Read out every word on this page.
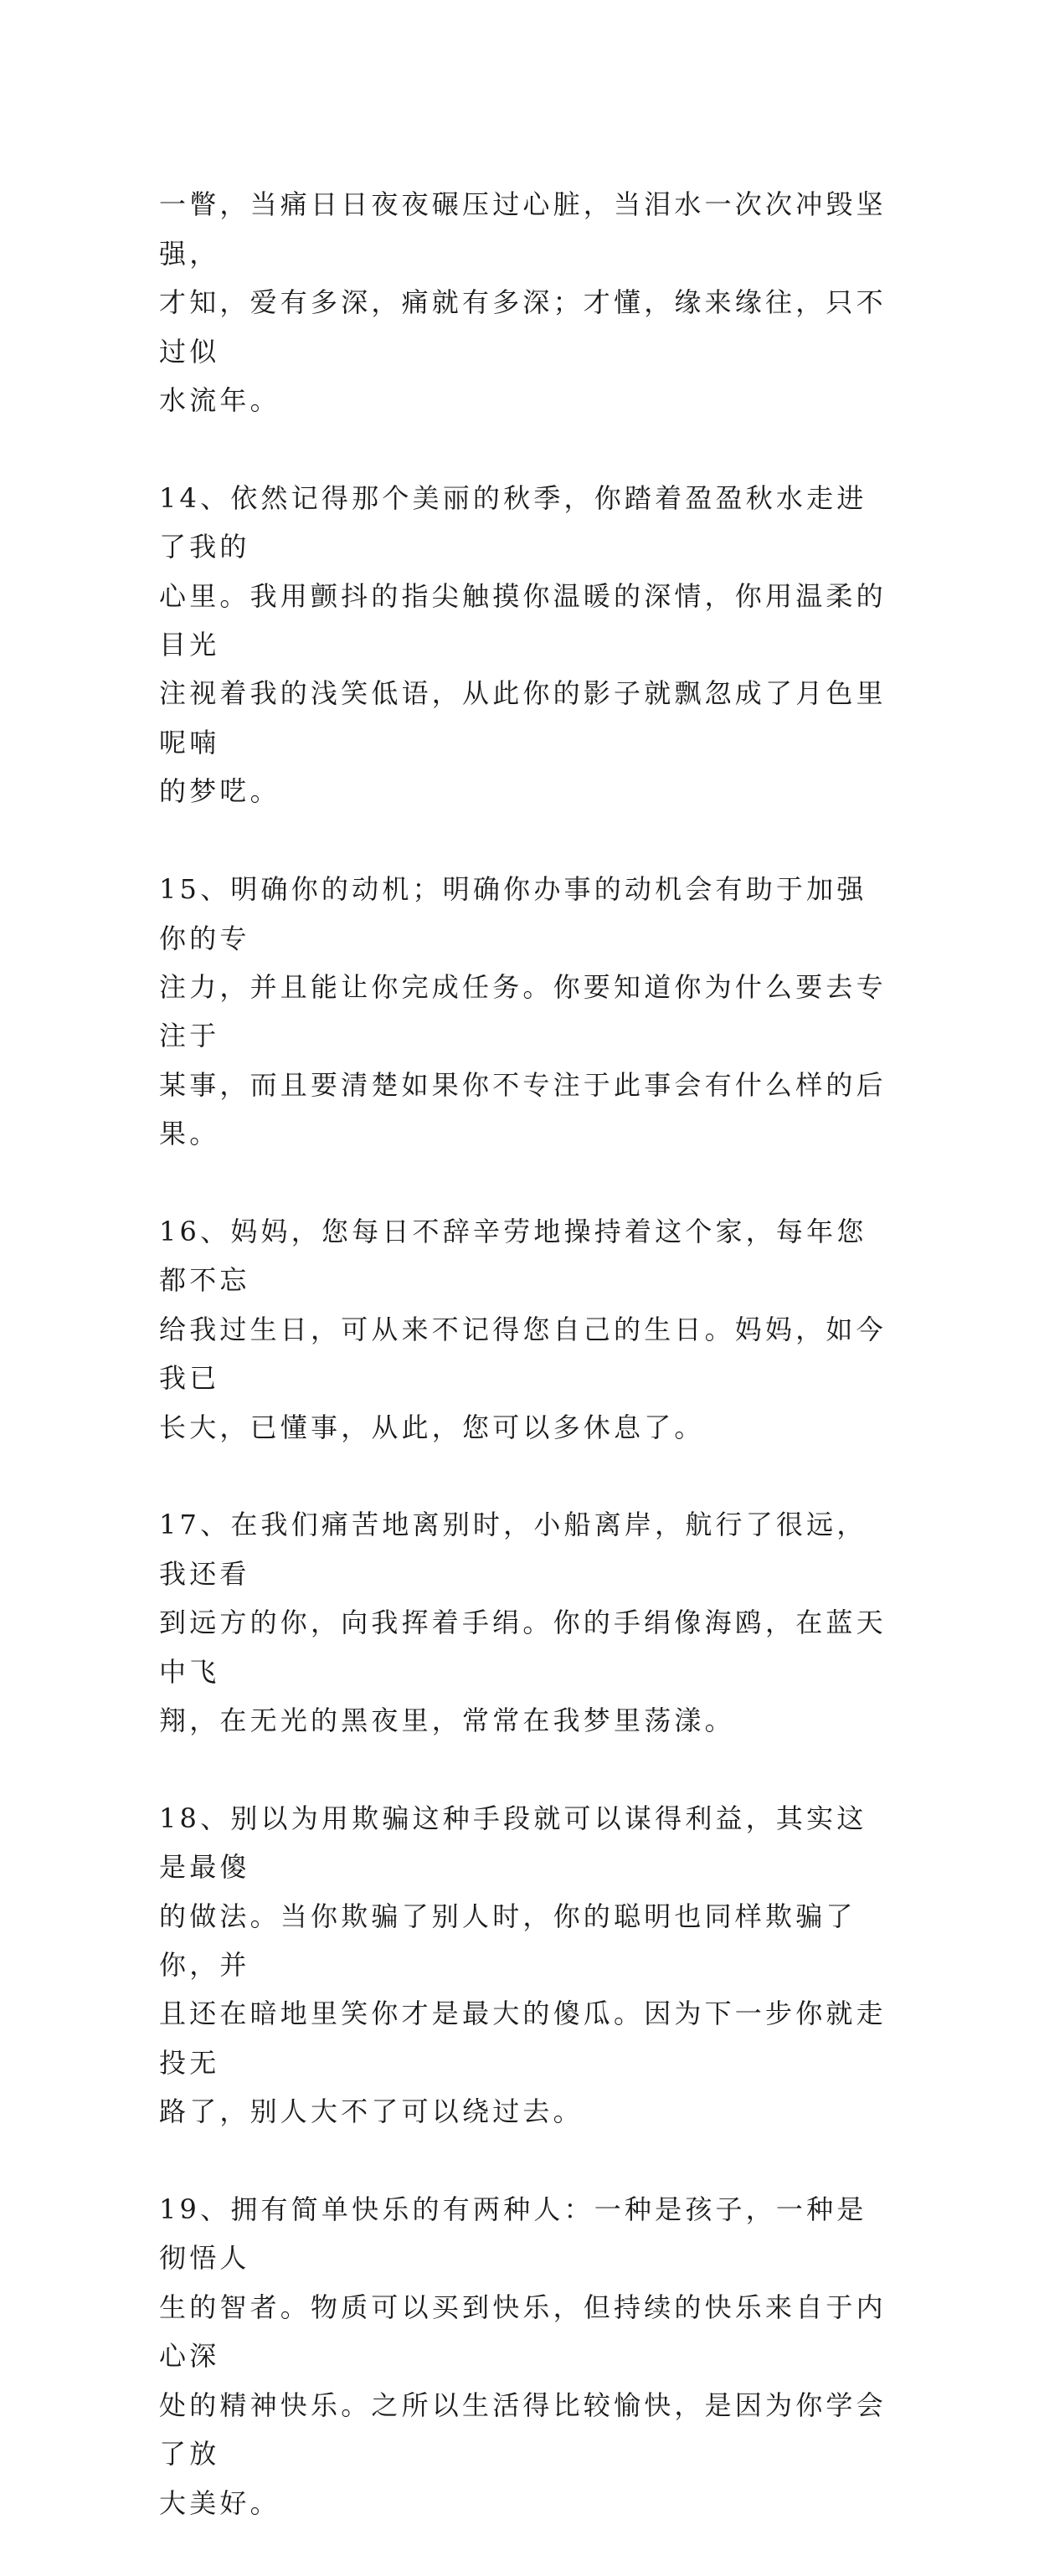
一瞥，当痛日日夜夜碾压过心脏，当泪水一次次冲毁坚强，
才知，爱有多深，痛就有多深；才懂，缘来缘往，只不过似
水流年。

14、依然记得那个美丽的秋季，你踏着盈盈秋水走进了我的
心里。我用颤抖的指尖触摸你温暖的深情，你用温柔的目光
注视着我的浅笑低语，从此你的影子就飘忽成了月色里呢喃
的梦呓。

15、明确你的动机；明确你办事的动机会有助于加强你的专
注力，并且能让你完成任务。你要知道你为什么要去专注于
某事，而且要清楚如果你不专注于此事会有什么样的后果。

16、妈妈，您每日不辞辛劳地操持着这个家，每年您都不忘
给我过生日，可从来不记得您自己的生日。妈妈，如今我已
长大，已懂事，从此，您可以多休息了。

17、在我们痛苦地离别时，小船离岸，航行了很远，我还看
到远方的你，向我挥着手绢。你的手绢像海鸥，在蓝天中飞
翔，在无光的黑夜里，常常在我梦里荡漾。

18、别以为用欺骗这种手段就可以谋得利益，其实这是最傻
的做法。当你欺骗了别人时，你的聪明也同样欺骗了你，并
且还在暗地里笑你才是最大的傻瓜。因为下一步你就走投无
路了，别人大不了可以绕过去。

19、拥有简单快乐的有两种人：一种是孩子，一种是彻悟人
生的智者。物质可以买到快乐，但持续的快乐来自于内心深
处的精神快乐。之所以生活得比较愉快，是因为你学会了放
大美好。
